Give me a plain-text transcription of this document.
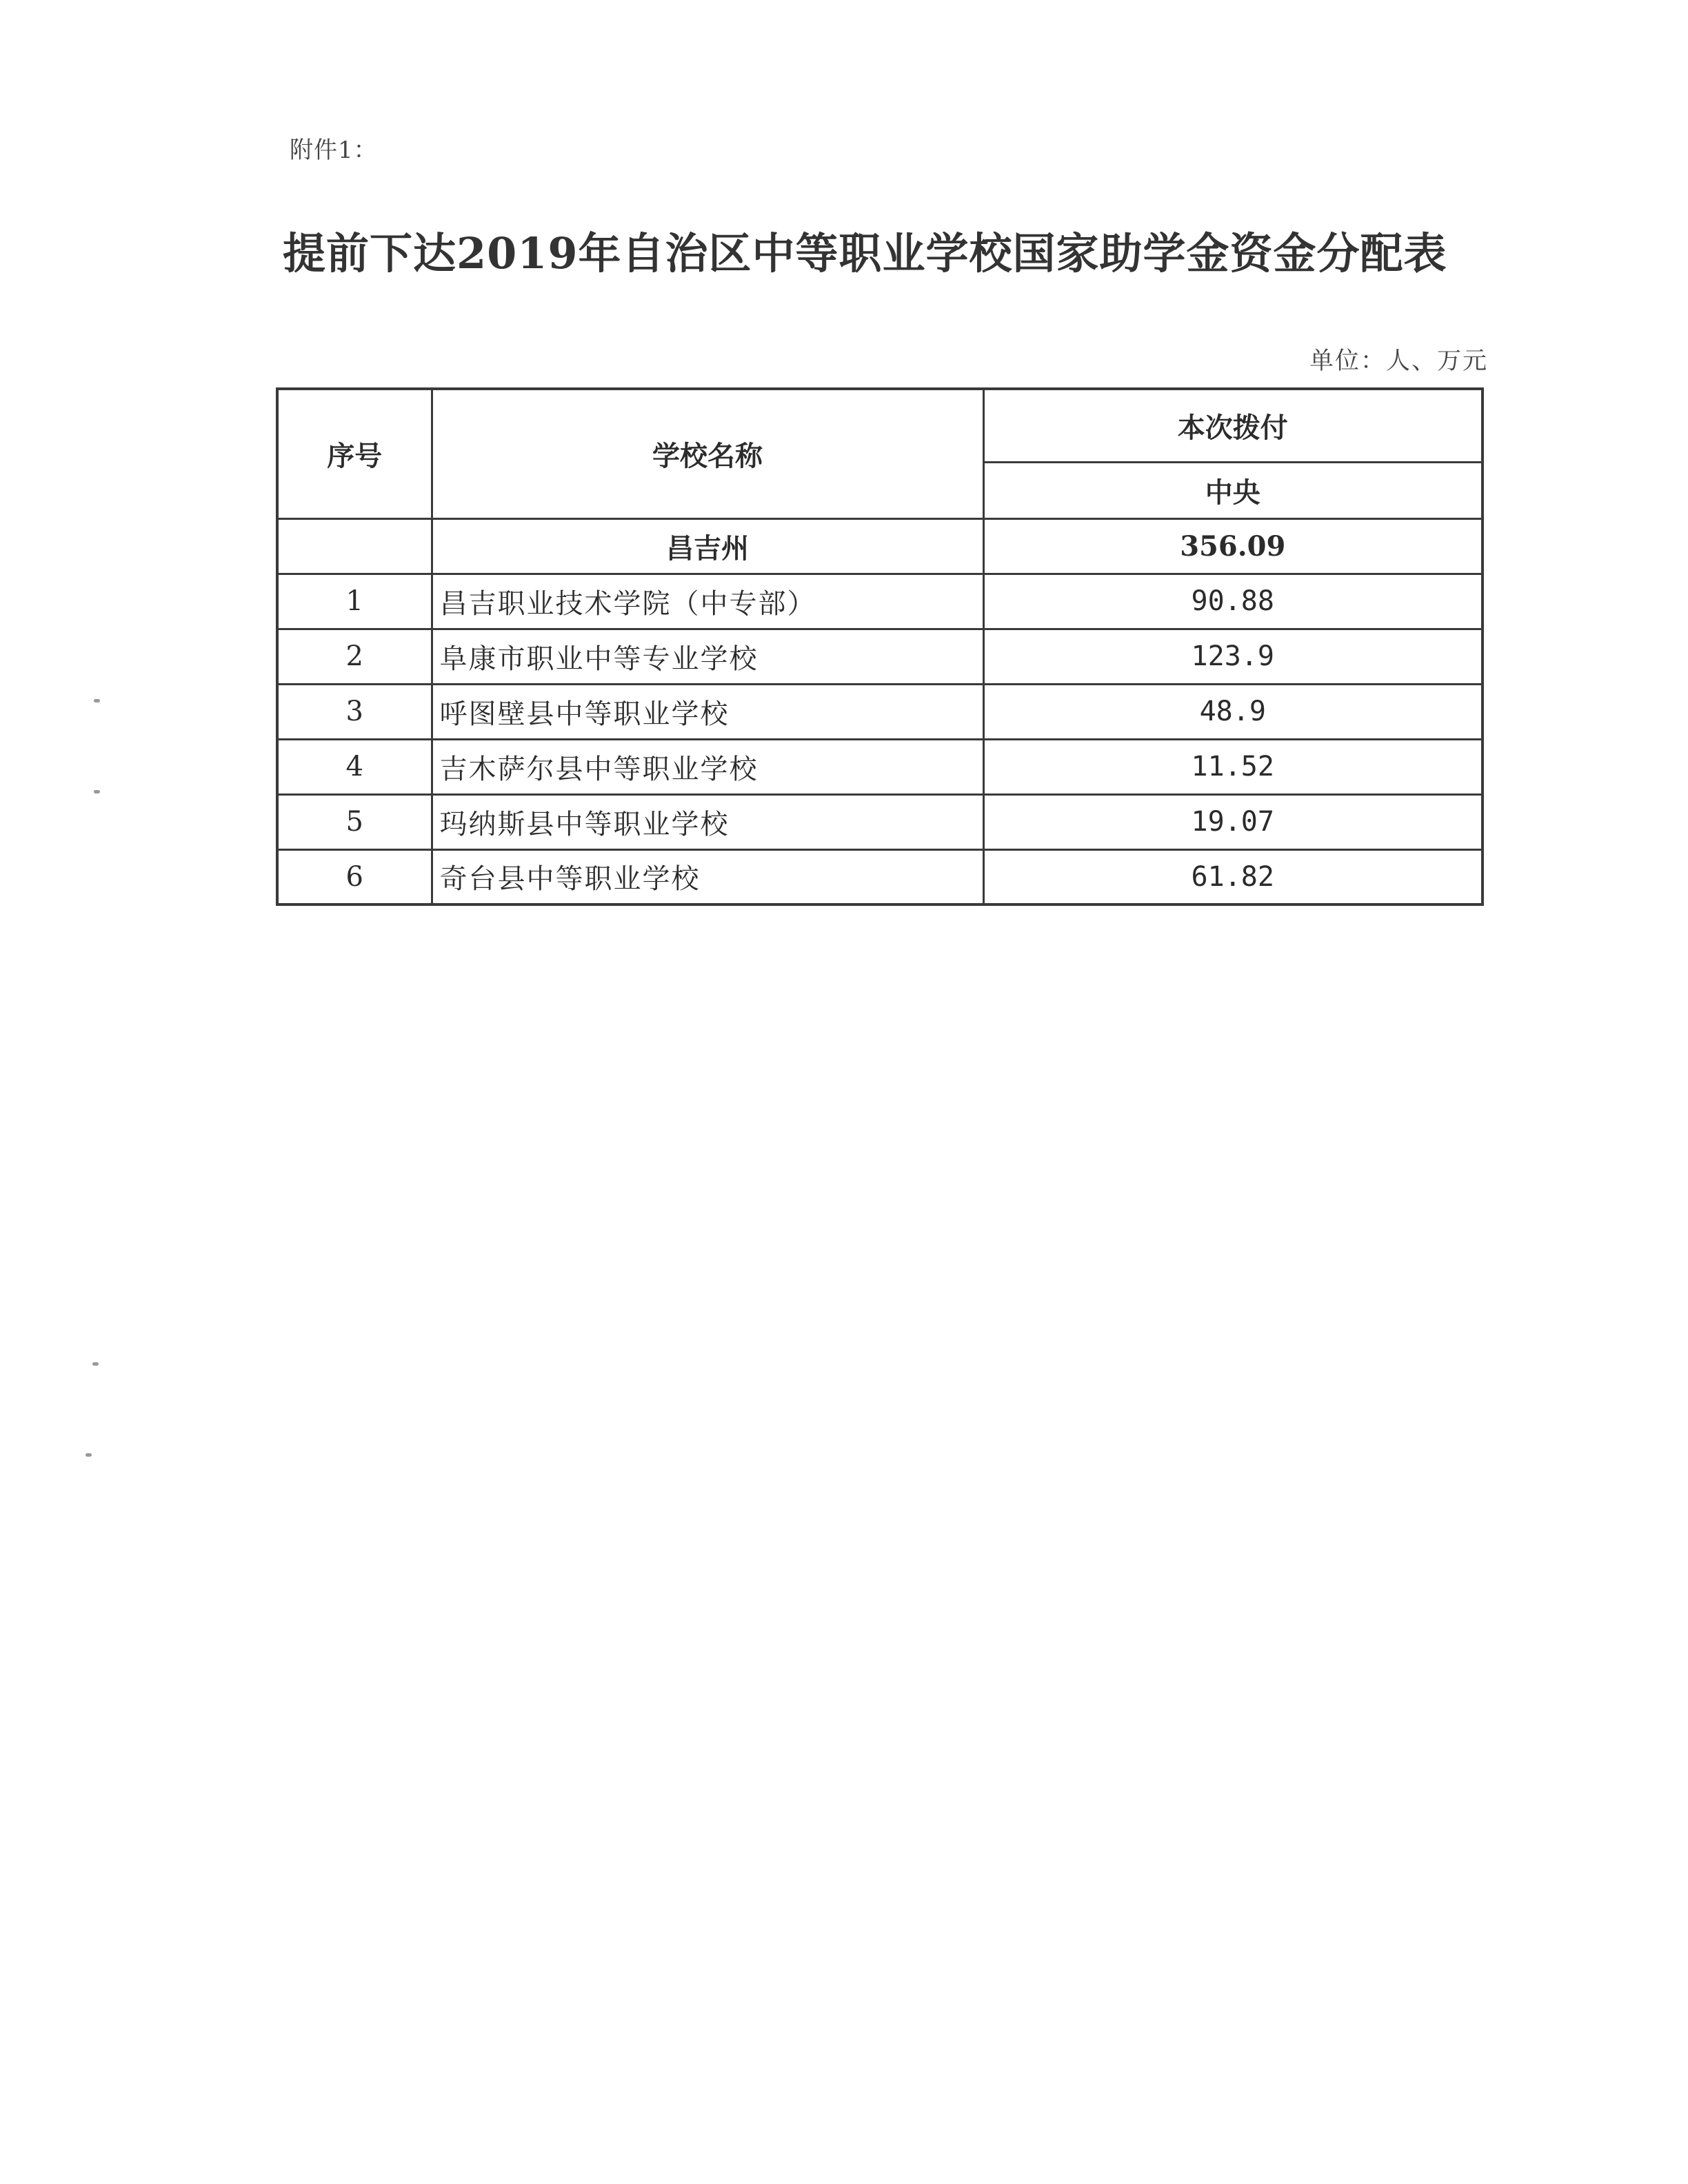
附件1：
提前下达2019年自治区中等职业学校国家助学金资金分配表
单位：人、万元
序号	学校名称	本次拨付
		中央
	昌吉州	356.09
1	昌吉职业技术学院（中专部）	90.88
2	阜康市职业中等专业学校	123.9
3	呼图壁县中等职业学校	48.9
4	吉木萨尔县中等职业学校	11.52
5	玛纳斯县中等职业学校	19.07
6	奇台县中等职业学校	61.82
